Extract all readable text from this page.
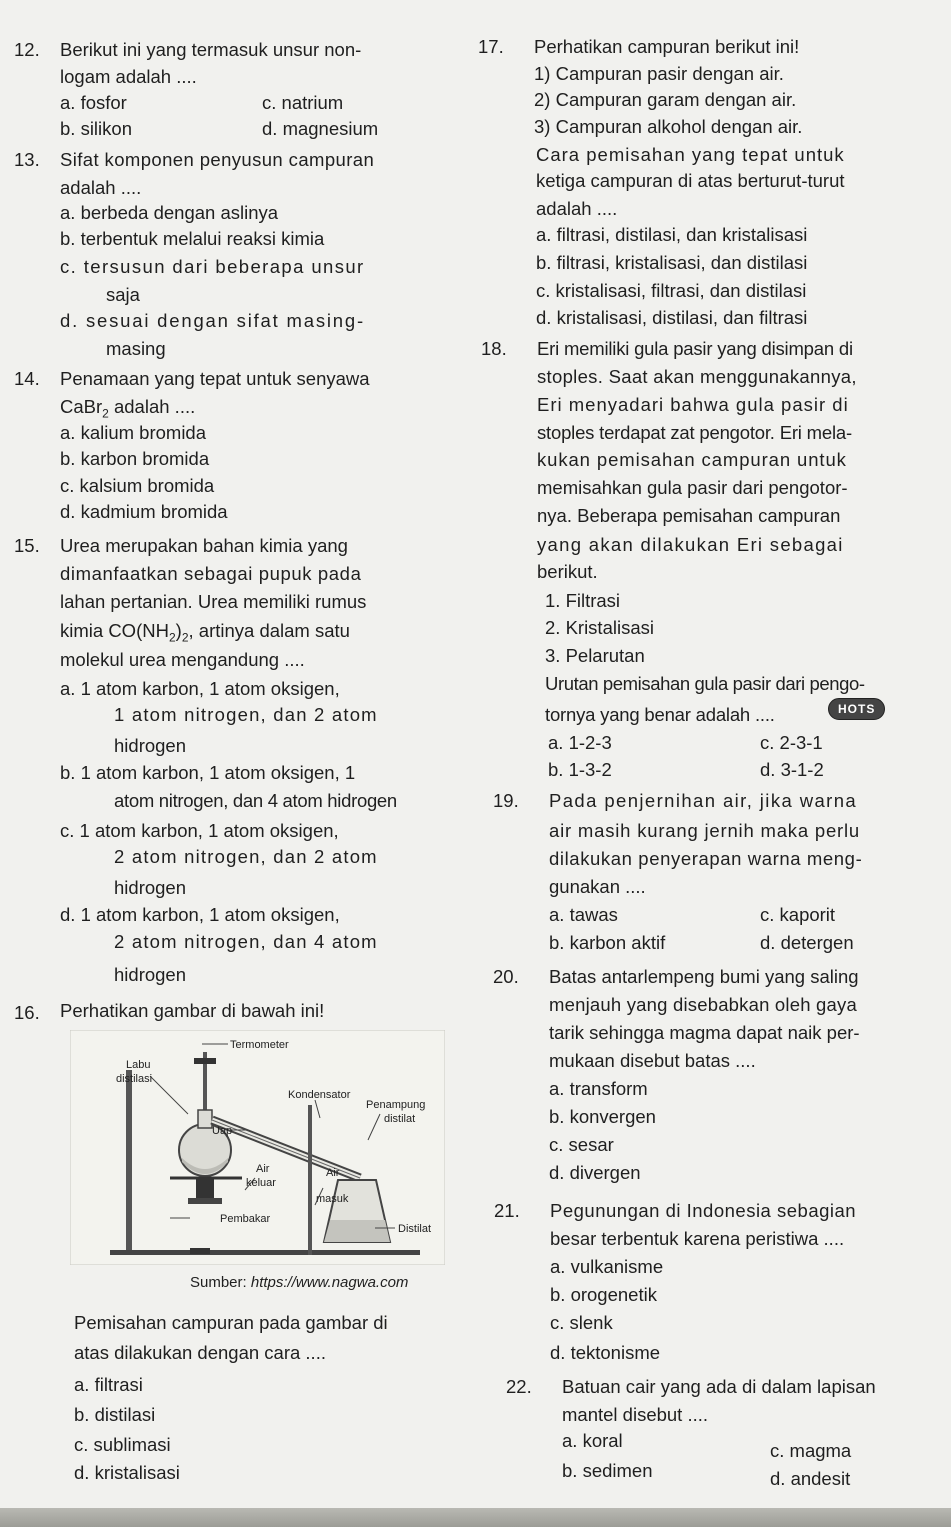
12. Berikut ini yang termasuk unsur non-
logam adalah ....
a. fosfor	c. natrium
b. silikon	d. magnesium
13. Sifat komponen penyusun campuran
adalah ....
a. berbeda dengan aslinya
b. terbentuk melalui reaksi kimia
c. tersusun dari beberapa unsur
saja
d. sesuai dengan sifat masing-
masing
14. Penamaan yang tepat untuk senyawa
CaBr$_2$ adalah ....
a. kalium bromida
b. karbon bromida
c. kalsium bromida
d. kadmium bromida
15. Urea merupakan bahan kimia yang
dimanfaatkan sebagai pupuk pada
lahan pertanian. Urea memiliki rumus
kimia $CO(NH_2)_2$, artinya dalam satu
molekul urea mengandung ....
a. 1 atom karbon, 1 atom oksigen,
1 atom nitrogen, dan 2 atom
hidrogen
b. 1 atom karbon, 1 atom oksigen, 1
atom nitrogen, dan 4 atom hidrogen
c. 1 atom karbon, 1 atom oksigen,
2 atom nitrogen, dan 2 atom
hidrogen
d. 1 atom karbon, 1 atom oksigen,
2 atom nitrogen, dan 4 atom
hidrogen
16. Perhatikan gambar di bawah ini!
Termometer
Labu
distilasi
Kondensator
Penampung
distilat
Uap
Air
keluar
Air
masuk
Pembakar
Distilat
Sumber: https://www.nagwa.com
Pemisahan campuran pada gambar di
atas dilakukan dengan cara ....
a. filtrasi
b. distilasi
c. sublimasi
d. kristalisasi
17. Perhatikan campuran berikut ini!
1) Campuran pasir dengan air.
2) Campuran garam dengan air.
3) Campuran alkohol dengan air.
Cara pemisahan yang tepat untuk
ketiga campuran di atas berturut-turut
adalah ....
a. filtrasi, distilasi, dan kristalisasi
b. filtrasi, kristalisasi, dan distilasi
c. kristalisasi, filtrasi, dan distilasi
d. kristalisasi, distilasi, dan filtrasi
18. Eri memiliki gula pasir yang disimpan di
stoples. Saat akan menggunakannya,
Eri menyadari bahwa gula pasir di
stoples terdapat zat pengotor. Eri mela-
kukan pemisahan campuran untuk
memisahkan gula pasir dari pengotor-
nya. Beberapa pemisahan campuran
yang akan dilakukan Eri sebagai
berikut.
1. Filtrasi
2. Kristalisasi
3. Pelarutan
Urutan pemisahan gula pasir dari pengo-
tornya yang benar adalah ....	HOTS
a. 1-2-3	c. 2-3-1
b. 1-3-2	d. 3-1-2
19. Pada penjernihan air, jika warna
air masih kurang jernih maka perlu
dilakukan penyerapan warna meng-
gunakan ....
a. tawas	c. kaporit
b. karbon aktif	d. detergen
20. Batas antarlempeng bumi yang saling
menjauh yang disebabkan oleh gaya
tarik sehingga magma dapat naik per-
mukaan disebut batas ....
a. transform
b. konvergen
c. sesar
d. divergen
21. Pegunungan di Indonesia sebagian
besar terbentuk karena peristiwa ....
a. vulkanisme
b. orogenetik
c. slenk
d. tektonisme
22. Batuan cair yang ada di dalam lapisan
mantel disebut ....
a. koral	c. magma
b. sedimen	d. andesit
